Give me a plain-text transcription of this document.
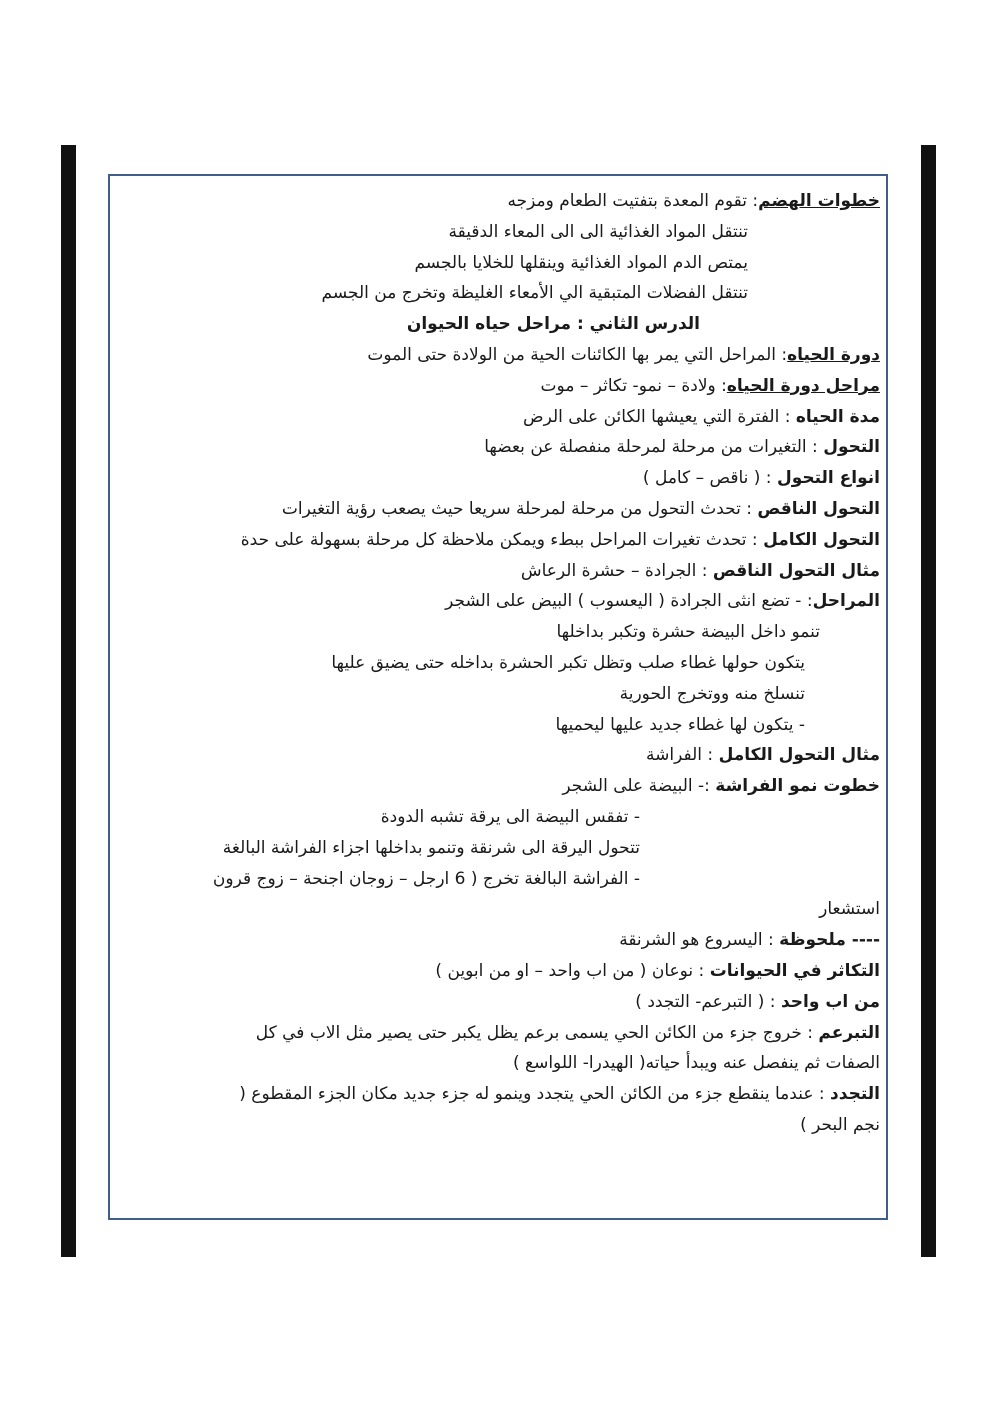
خطوات الهضم: تقوم المعدة بتفتيت الطعام ومزجه
تنتقل المواد الغذائية الى الى المعاء الدقيقة
يمتص الدم المواد الغذائية وينقلها للخلايا بالجسم
تنتقل الفضلات المتبقية الي الأمعاء الغليظة وتخرج من الجسم
الدرس الثاني : مراحل حياه الحيوان
دورة الحياه: المراحل التي يمر بها الكائنات الحية من الولادة حتى الموت
مراحل دورة الحياه: ولادة – نمو- تكاثر – موت
مدة الحياه : الفترة التي يعيشها الكائن على الرض
التحول : التغيرات من مرحلة لمرحلة منفصلة عن بعضها
انواع التحول : ( ناقص – كامل )
التحول الناقص : تحدث التحول من مرحلة لمرحلة سريعا حيث يصعب رؤية التغيرات
التحول الكامل : تحدث تغيرات المراحل ببطء ويمكن ملاحظة كل مرحلة بسهولة على حدة
مثال التحول الناقص : الجرادة – حشرة الرعاش
المراحل: - تضع انثى الجرادة ( اليعسوب ) البيض على الشجر
تنمو داخل البيضة حشرة وتكبر بداخلها
يتكون حولها غطاء صلب وتظل تكبر الحشرة بداخله حتى يضيق عليها
تنسلخ منه ووتخرج الحورية
- يتكون لها غطاء جديد عليها ليحميها
مثال التحول الكامل : الفراشة
خطوت نمو الفراشة :- البيضة على الشجر
- تفقس البيضة الى يرقة تشبه الدودة
تتحول اليرقة الى شرنقة وتنمو بداخلها اجزاء الفراشة البالغة
- الفراشة البالغة تخرج ( 6 ارجل – زوجان اجنحة – زوج قرون
استشعار
---- ملحوظة : اليسروع هو الشرنقة
التكاثر في الحيوانات : نوعان ( من اب واحد – او من ابوين )
من اب واحد : ( التبرعم- التجدد )
التبرعم : خروج جزء من الكائن الحي يسمى برعم يظل يكبر حتى يصير مثل الاب في كل
الصفات ثم ينفصل عنه ويبدأ حياته( الهيدرا- اللواسع )
التجدد : عندما ينقطع جزء من الكائن الحي يتجدد وينمو له جزء جديد مكان الجزء المقطوع (
نجم البحر )
